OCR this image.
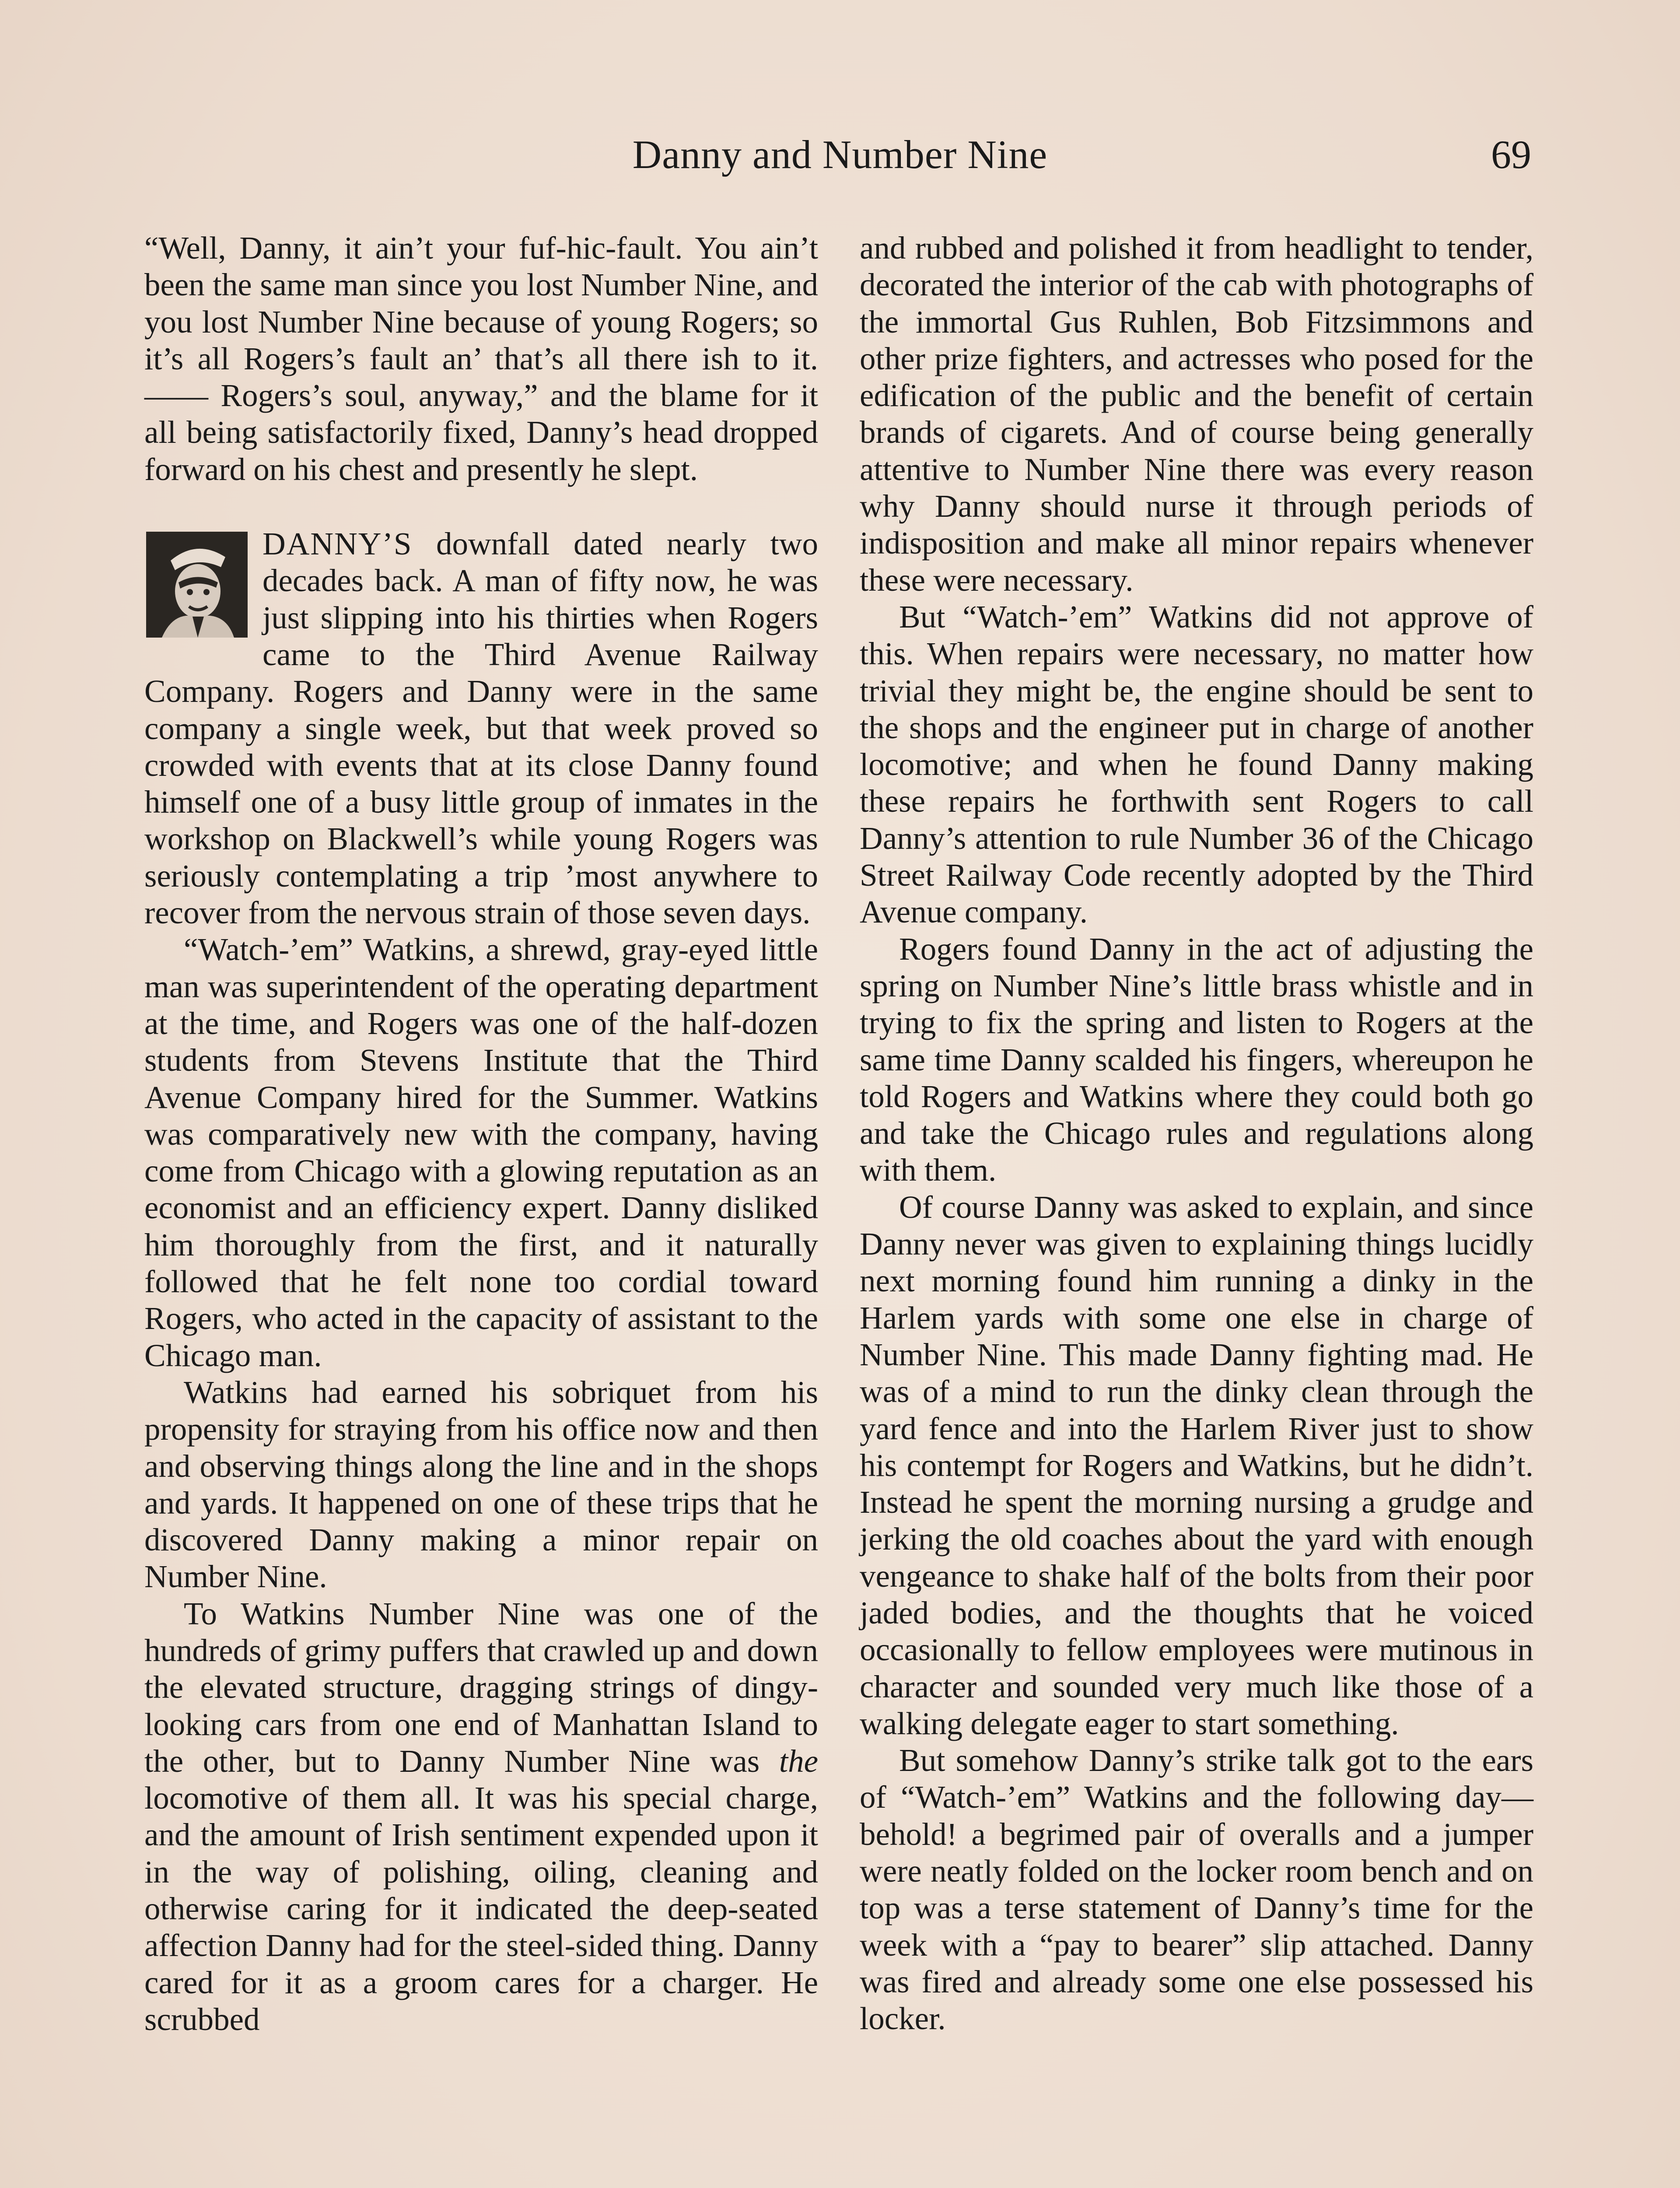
Danny and Number Nine	69

“Well, Danny, it ain’t your fuf-hic-fault. You ain’t been the same man since you lost Number Nine, and you lost Number Nine because of young Rogers; so it’s all Rogers’s fault an’ that’s all there ish to it. —— Rogers’s soul, anyway,” and the blame for it all being satisfactorily fixed, Danny’s head dropped forward on his chest and presently he slept.

DANNY’S downfall dated nearly two decades back. A man of fifty now, he was just slipping into his thirties when Rogers came to the Third Avenue Railway Company. Rogers and Danny were in the same company a single week, but that week proved so crowded with events that at its close Danny found himself one of a busy little group of inmates in the workshop on Blackwell’s while young Rogers was seriously contemplating a trip ’most anywhere to recover from the nervous strain of those seven days.

“Watch-’em” Watkins, a shrewd, gray-eyed little man was superintendent of the operating department at the time, and Rogers was one of the half-dozen students from Stevens Institute that the Third Avenue Company hired for the Summer. Watkins was comparatively new with the company, having come from Chicago with a glowing reputation as an economist and an efficiency expert. Danny disliked him thoroughly from the first, and it naturally followed that he felt none too cordial toward Rogers, who acted in the capacity of assistant to the Chicago man.

Watkins had earned his sobriquet from his propensity for straying from his office now and then and observing things along the line and in the shops and yards. It happened on one of these trips that he discovered Danny making a minor repair on Number Nine.

To Watkins Number Nine was one of the hundreds of grimy puffers that crawled up and down the elevated structure, dragging strings of dingy-looking cars from one end of Manhattan Island to the other, but to Danny Number Nine was the locomotive of them all. It was his special charge, and the amount of Irish sentiment expended upon it in the way of polishing, oiling, cleaning and otherwise caring for it indicated the deep-seated affection Danny had for the steel-sided thing. Danny cared for it as a groom cares for a charger. He scrubbed

and rubbed and polished it from headlight to tender, decorated the interior of the cab with photographs of the immortal Gus Ruhlen, Bob Fitzsimmons and other prize fighters, and actresses who posed for the edification of the public and the benefit of certain brands of cigarets. And of course being generally attentive to Number Nine there was every reason why Danny should nurse it through periods of indisposition and make all minor repairs whenever these were necessary.

But “Watch-’em” Watkins did not approve of this. When repairs were necessary, no matter how trivial they might be, the engine should be sent to the shops and the engineer put in charge of another locomotive; and when he found Danny making these repairs he forthwith sent Rogers to call Danny’s attention to rule Number 36 of the Chicago Street Railway Code recently adopted by the Third Avenue company.

Rogers found Danny in the act of adjusting the spring on Number Nine’s little brass whistle and in trying to fix the spring and listen to Rogers at the same time Danny scalded his fingers, whereupon he told Rogers and Watkins where they could both go and take the Chicago rules and regulations along with them.

Of course Danny was asked to explain, and since Danny never was given to explaining things lucidly next morning found him running a dinky in the Harlem yards with some one else in charge of Number Nine. This made Danny fighting mad. He was of a mind to run the dinky clean through the yard fence and into the Harlem River just to show his contempt for Rogers and Watkins, but he didn’t. Instead he spent the morning nursing a grudge and jerking the old coaches about the yard with enough vengeance to shake half of the bolts from their poor jaded bodies, and the thoughts that he voiced occasionally to fellow employees were mutinous in character and sounded very much like those of a walking delegate eager to start something.

But somehow Danny’s strike talk got to the ears of “Watch-’em” Watkins and the following day—behold! a begrimed pair of overalls and a jumper were neatly folded on the locker room bench and on top was a terse statement of Danny’s time for the week with a “pay to bearer” slip attached. Danny was fired and already some one else possessed his locker.
